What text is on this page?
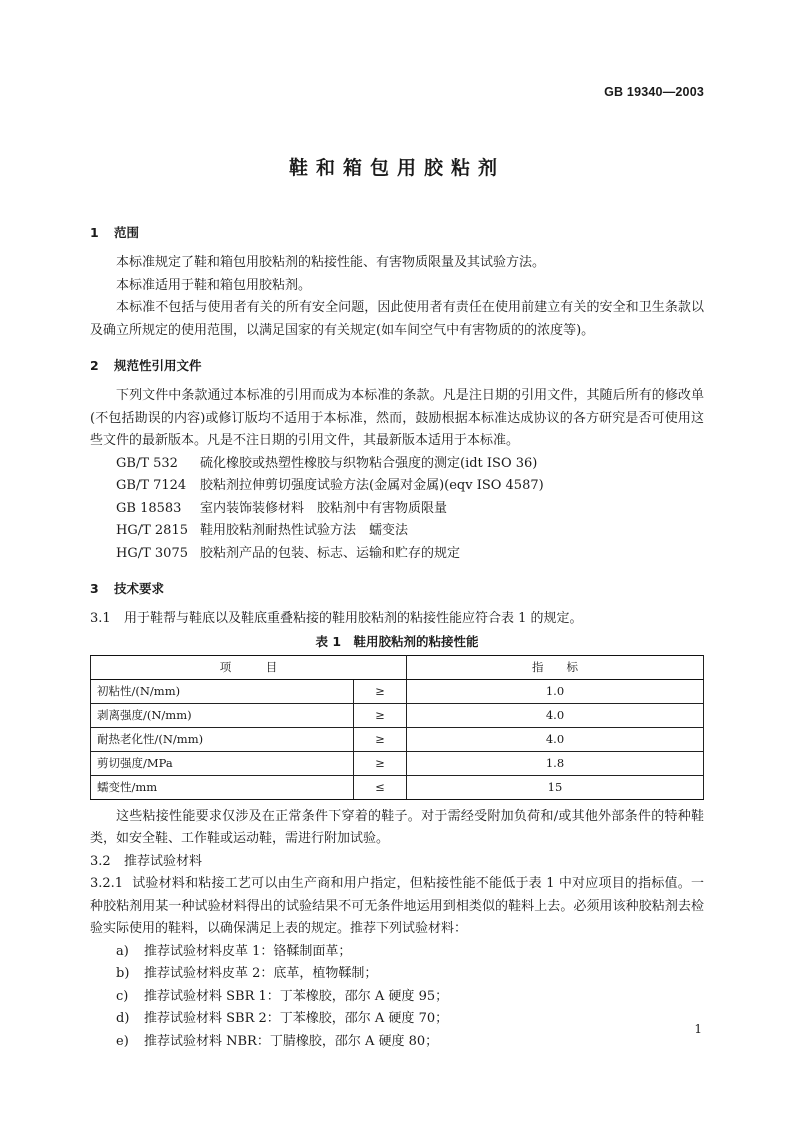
GB 19340—2003
鞋和箱包用胶粘剂
1 范围
本标准规定了鞋和箱包用胶粘剂的粘接性能、有害物质限量及其试验方法。
本标准适用于鞋和箱包用胶粘剂。
本标准不包括与使用者有关的所有安全问题，因此使用者有责任在使用前建立有关的安全和卫生条款以及确立所规定的使用范围，以满足国家的有关规定(如车间空气中有害物质的的浓度等)。
2 规范性引用文件
下列文件中条款通过本标准的引用而成为本标准的条款。凡是注日期的引用文件，其随后所有的修改单(不包括勘误的内容)或修订版均不适用于本标准，然而，鼓励根据本标准达成协议的各方研究是否可使用这些文件的最新版本。凡是不注日期的引用文件，其最新版本适用于本标准。
GB/T 532 硫化橡胶或热塑性橡胶与织物粘合强度的测定(idt ISO 36)
GB/T 7124 胶粘剂拉伸剪切强度试验方法(金属对金属)(eqv ISO 4587)
GB 18583 室内装饰装修材料　胶粘剂中有害物质限量
HG/T 2815 鞋用胶粘剂耐热性试验方法　蠕变法
HG/T 3075 胶粘剂产品的包装、标志、运输和贮存的规定
3 技术要求
3.1 用于鞋帮与鞋底以及鞋底重叠粘接的鞋用胶粘剂的粘接性能应符合表 1 的规定。
表 1　鞋用胶粘剂的粘接性能
项　　　目		指　　标
初粘性/(N/mm)	≥	1.0
剥离强度/(N/mm)	≥	4.0
耐热老化性/(N/mm)	≥	4.0
剪切强度/MPa	≥	1.8
蠕变性/mm	≤	15
这些粘接性能要求仅涉及在正常条件下穿着的鞋子。对于需经受附加负荷和/或其他外部条件的特种鞋类，如安全鞋、工作鞋或运动鞋，需进行附加试验。
3.2 推荐试验材料
3.2.1 试验材料和粘接工艺可以由生产商和用户指定，但粘接性能不能低于表 1 中对应项目的指标值。一种胶粘剂用某一种试验材料得出的试验结果不可无条件地运用到相类似的鞋料上去。必须用该种胶粘剂去检验实际使用的鞋料，以确保满足上表的规定。推荐下列试验材料：
a) 推荐试验材料皮革 1：铬鞣制面革；
b) 推荐试验材料皮革 2：底革，植物鞣制；
c) 推荐试验材料 SBR 1：丁苯橡胶，邵尔 A 硬度 95；
d) 推荐试验材料 SBR 2：丁苯橡胶，邵尔 A 硬度 70；
e) 推荐试验材料 NBR：丁腈橡胶，邵尔 A 硬度 80；
1
